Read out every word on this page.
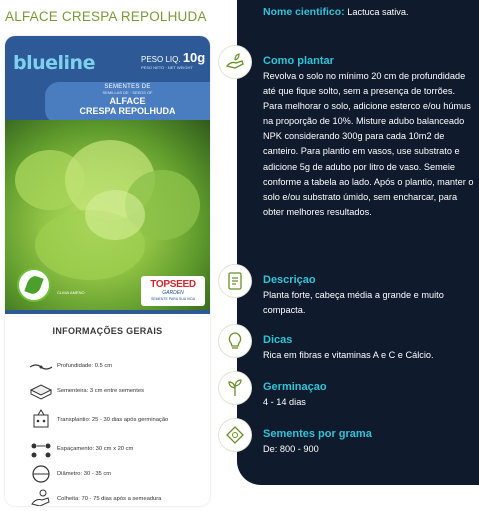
ALFACE CRESPA REPOLHUDA
blueline	PESO LIQ. 10g
PESO NETO · NET WEIGHT
SEMENTES DE
SEMILLAS DE · SEEDS OF
ALFACE
CRESPA REPOLHUDA
CLIMA AMENO
TOPSEED
GARDEN
SEMENTE PARA SUA VIDA
INFORMAÇÕES GERAIS
Profundidade: 0.5 cm
Sementeira: 3 cm entre sementes
Transplantio: 25 - 30 dias após germinação
Espaçamento: 30 cm x 20 cm
Diâmetro: 30 - 35 cm
Colheita: 70 - 75 dias após a semeadura
Nome cientifico: Lactuca sativa.
Como plantar
Revolva o solo no mínimo 20 cm de profundidade até que fique solto, sem a presença de torrões. Para melhorar o solo, adicione esterco e/ou húmus na proporção de 10%. Misture adubo balanceado NPK considerando 300g para cada 10m2 de canteiro. Para plantio em vasos, use substrato e adicione 5g de adubo por litro de vaso. Semeie conforme a tabela ao lado. Após o plantio, manter o solo e/ou substrato úmido, sem encharcar, para obter melhores resultados.
Descriçao
Planta forte, cabeça média a grande e muito compacta.
Dicas
Rica em fibras e vitaminas A e C e Cálcio.
Germinaçao
4 - 14 dias
Sementes por grama
De: 800 - 900
